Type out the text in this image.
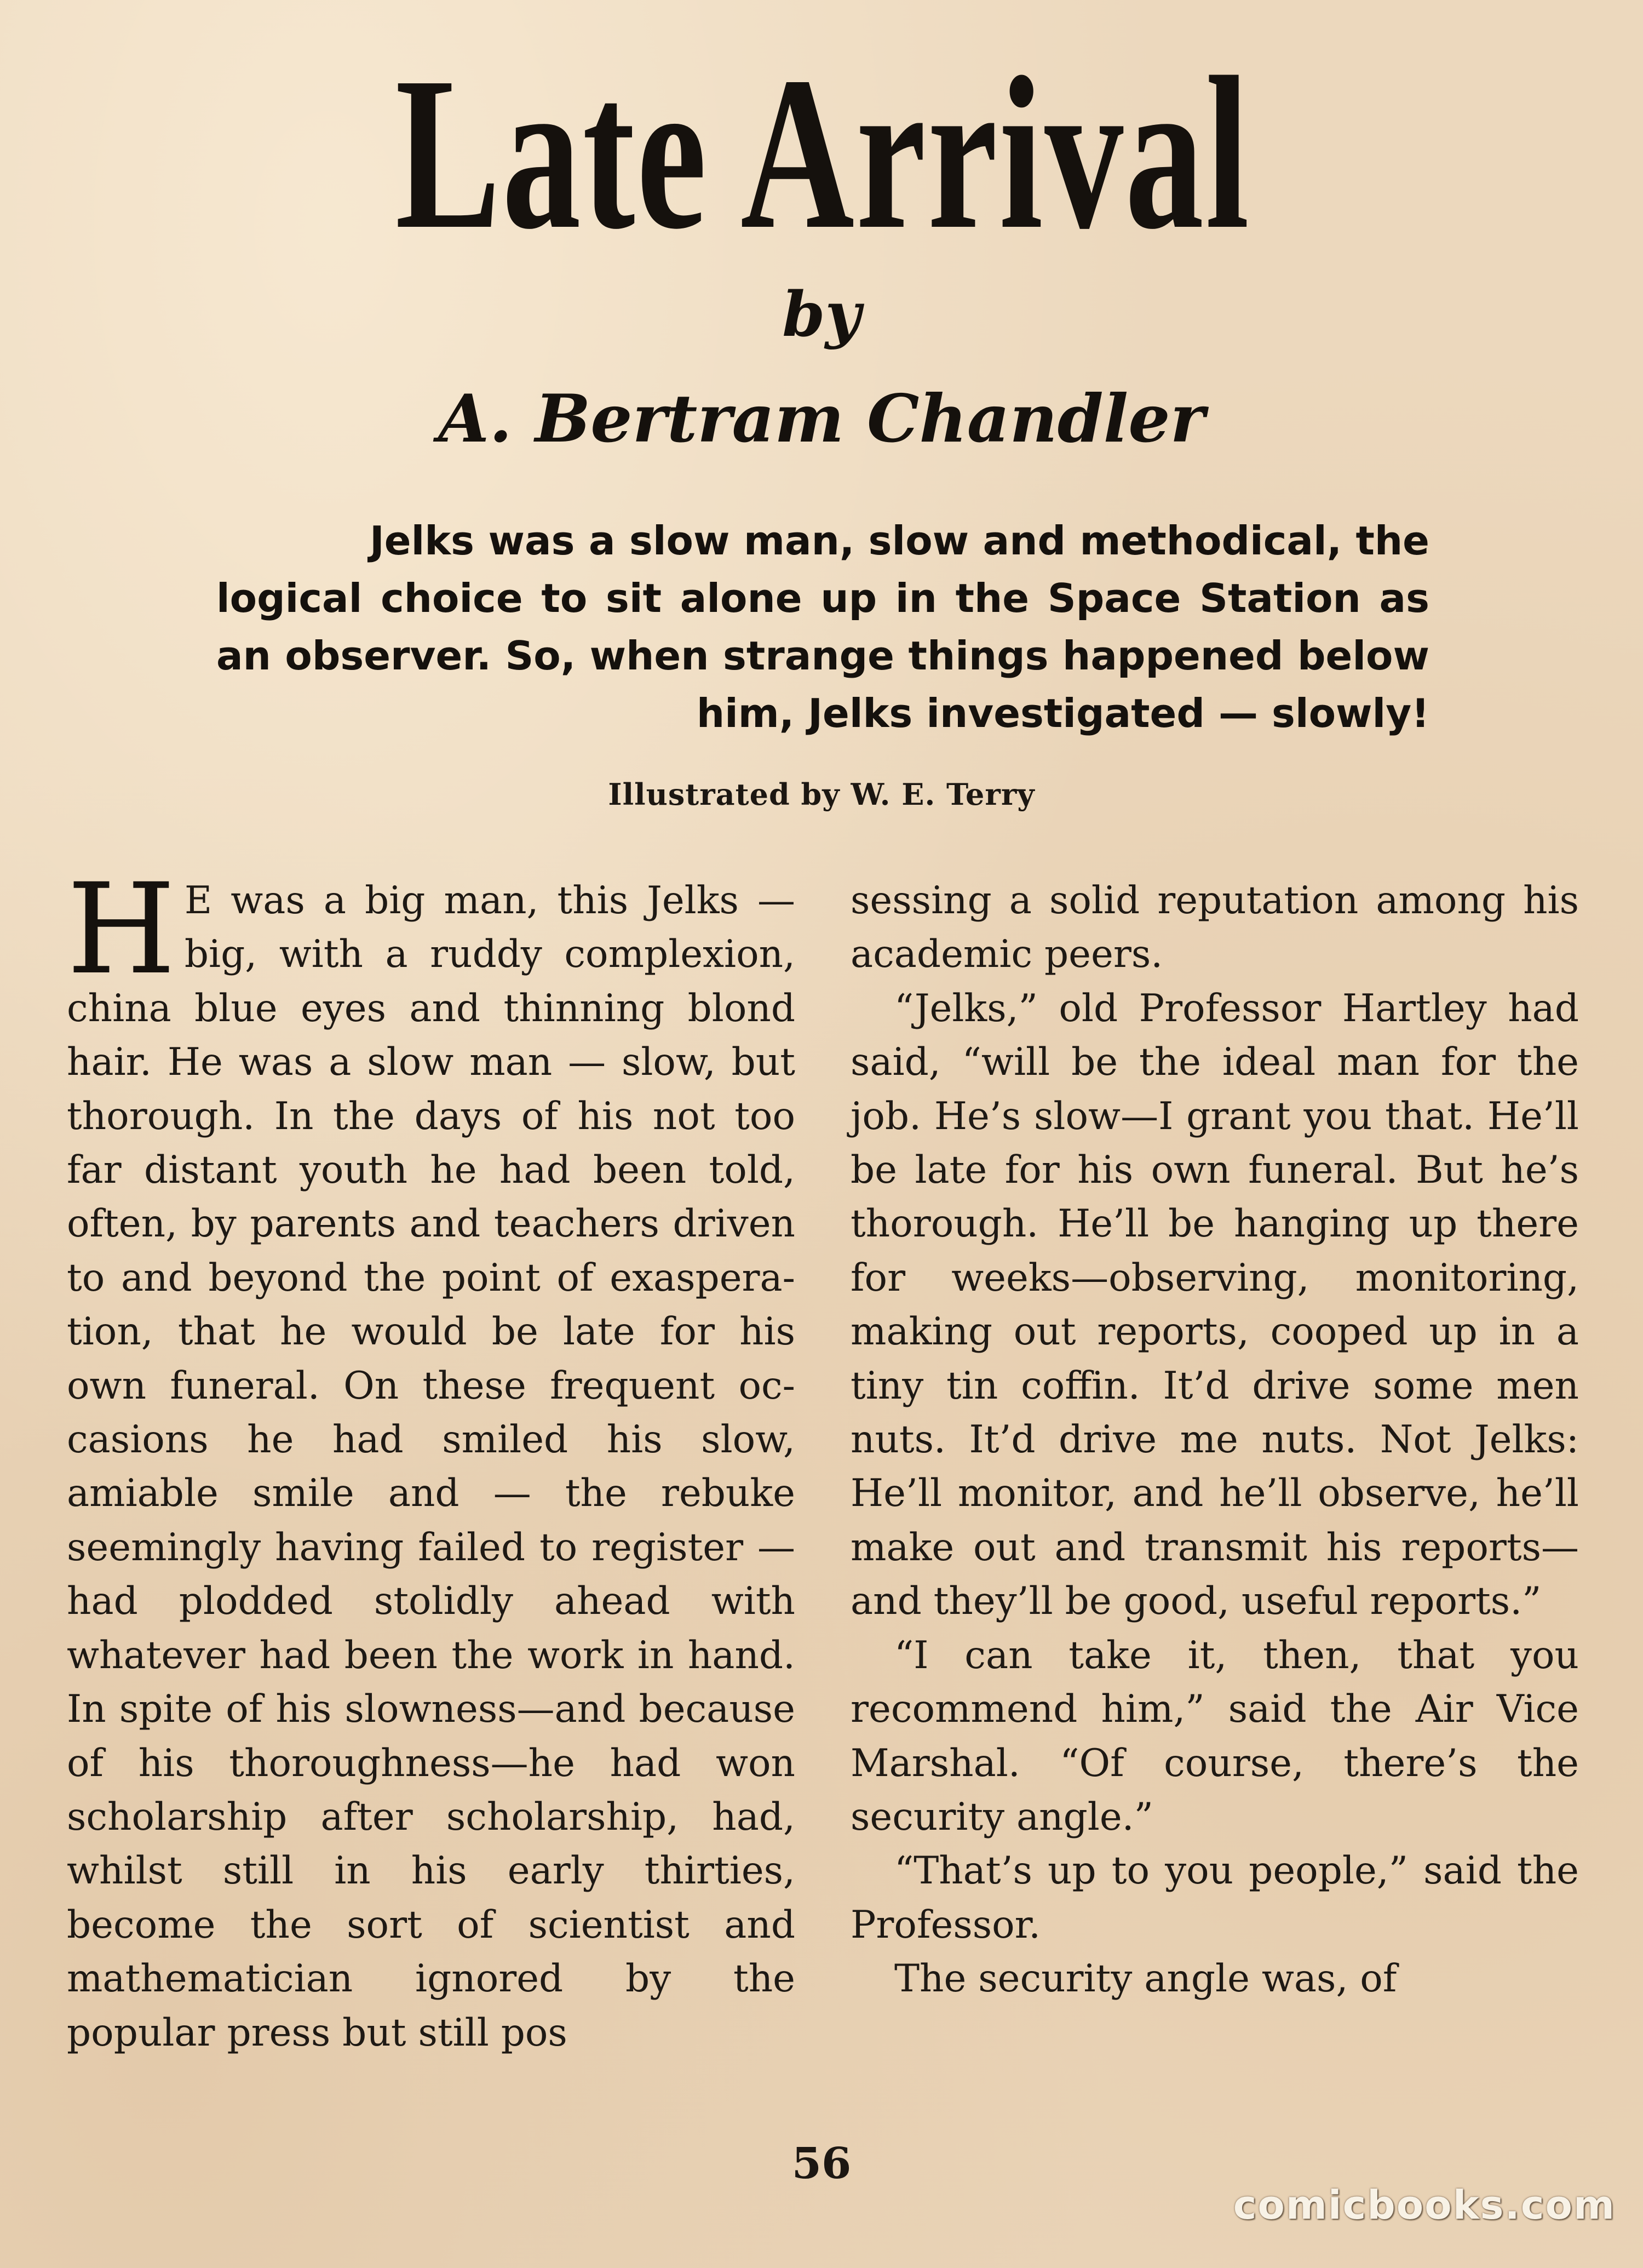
Late Arrival
by
A. Bertram Chandler
Jelks was a slow man, slow and methodical, the logical choice to sit alone up in the Space Station as an observer. So, when strange things happened below him, Jelks investigated — slowly!
Illustrated by W. E. Terry

H E was a big man, this Jelks — big, with a ruddy complexion, china blue eyes and thinning blond hair. He was a slow man — slow, but thorough. In the days of his not too far distant youth he had been told, often, by parents and teachers driven to and beyond the point of exasperation, that he would be late for his own funeral. On these frequent occasions he had smiled his slow, amiable smile and — the rebuke seemingly having failed to register —had plodded stolidly ahead with whatever had been the work in hand. In spite of his slowness—and because of his thoroughness—he had won scholarship after scholarship, had, whilst still in his early thirties, become the sort of scientist and mathematician ignored by the popular press but still pos

sessing a solid reputation among his academic peers.

“Jelks,” old Professor Hartley had said, “will be the ideal man for the job. He’s slow—I grant you that. He’ll be late for his own funeral. But he’s thorough. He’ll be hanging up there for weeks—observing, monitoring, making out reports, cooped up in a tiny tin coffin. It’d drive some men nuts. It’d drive me nuts. Not Jelks: He’ll monitor, and he’ll observe, he’ll make out and transmit his reports—and they’ll be good, useful reports.”

“I can take it, then, that you recommend him,” said the Air Vice Marshal. “Of course, there’s the security angle.”

“That’s up to you people,” said the Professor.

The security angle was, of

56
comicbooks.com
